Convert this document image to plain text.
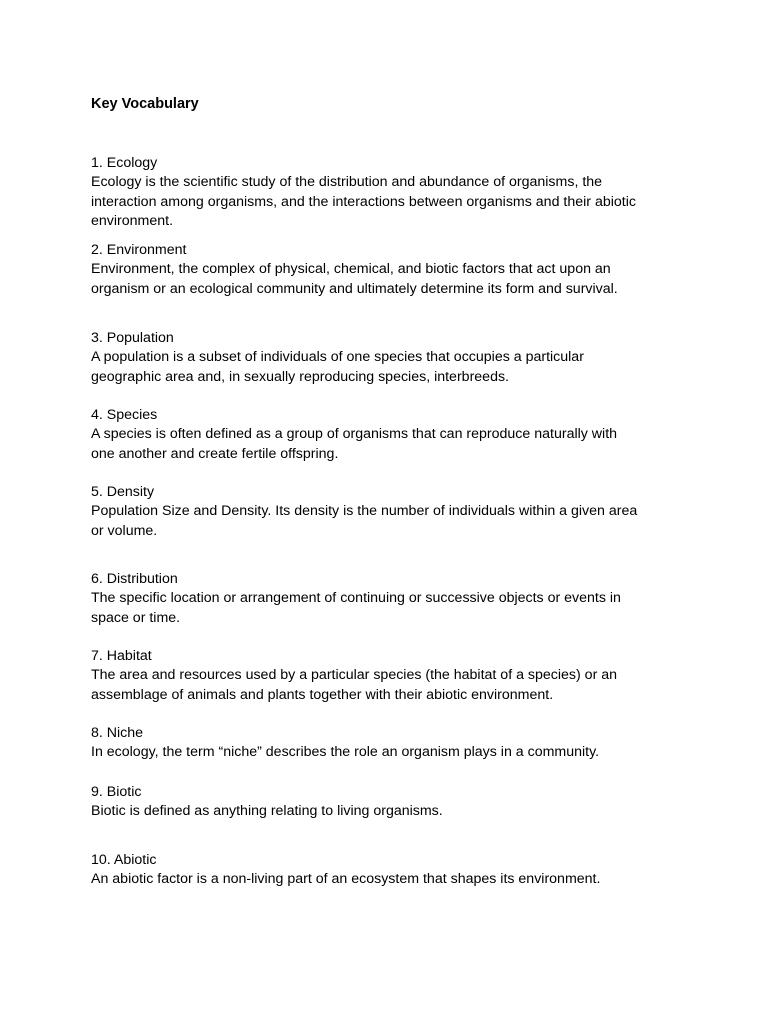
Key Vocabulary

1. Ecology

Ecology is the scientific study of the distribution and abundance of organisms, the
interaction among organisms, and the interactions between organisms and their abiotic
environment.

2. Environment

Environment, the complex of physical, chemical, and biotic factors that act upon an
organism or an ecological community and ultimately determine its form and survival.

3. Population

A population is a subset of individuals of one species that occupies a particular
geographic area and, in sexually reproducing species, interbreeds.

4. Species

A species is often defined as a group of organisms that can reproduce naturally with
one another and create fertile offspring.

5. Density

Population Size and Density. Its density is the number of individuals within a given area
or volume.

6. Distribution

The specific location or arrangement of continuing or successive objects or events in
space or time.

7. Habitat

The area and resources used by a particular species (the habitat of a species) or an
assemblage of animals and plants together with their abiotic environment.

8. Niche

In ecology, the term “niche” describes the role an organism plays in a community.

9. Biotic

Biotic is defined as anything relating to living organisms.

10. Abiotic

An abiotic factor is a non-living part of an ecosystem that shapes its environment.
